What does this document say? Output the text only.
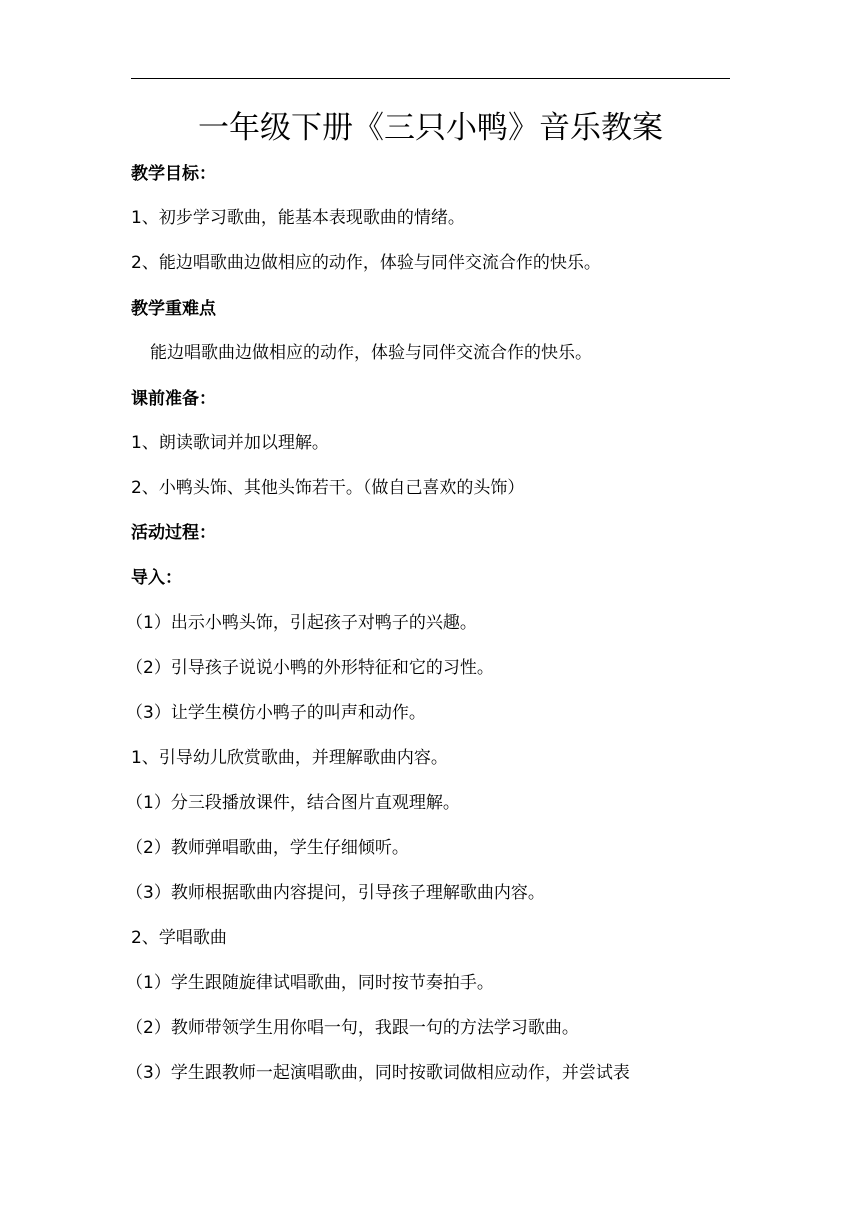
一年级下册《三只小鸭》音乐教案
教学目标：
1、初步学习歌曲，能基本表现歌曲的情绪。
2、能边唱歌曲边做相应的动作，体验与同伴交流合作的快乐。
教学重难点
能边唱歌曲边做相应的动作，体验与同伴交流合作的快乐。
课前准备：
1、朗读歌词并加以理解。
2、小鸭头饰、其他头饰若干。（做自己喜欢的头饰）
活动过程：
导入：
（1）出示小鸭头饰，引起孩子对鸭子的兴趣。
（2）引导孩子说说小鸭的外形特征和它的习性。
（3）让学生模仿小鸭子的叫声和动作。
1、引导幼儿欣赏歌曲，并理解歌曲内容。
（1）分三段播放课件，结合图片直观理解。
（2）教师弹唱歌曲，学生仔细倾听。
（3）教师根据歌曲内容提问，引导孩子理解歌曲内容。
2、学唱歌曲
（1）学生跟随旋律试唱歌曲，同时按节奏拍手。
（2）教师带领学生用你唱一句，我跟一句的方法学习歌曲。
（3）学生跟教师一起演唱歌曲，同时按歌词做相应动作，并尝试表
